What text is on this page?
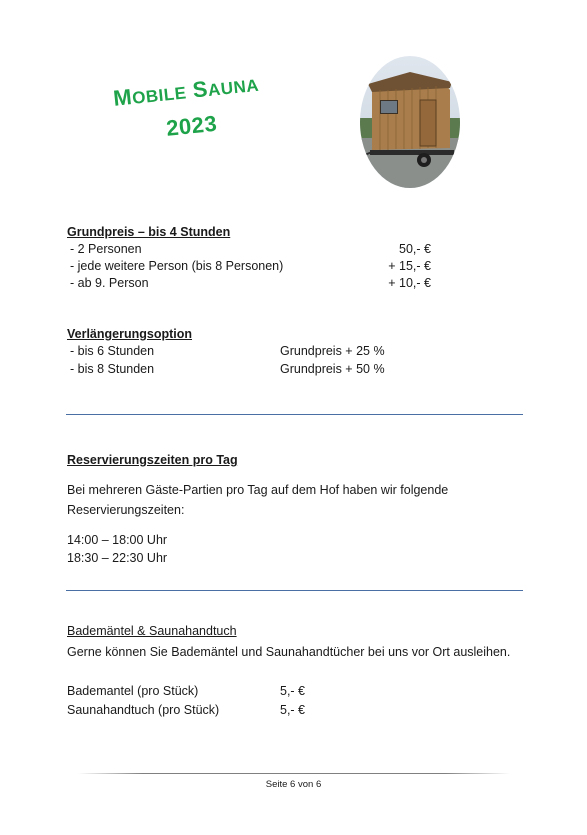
MOBILE SAUNA
2023
Grundpreis – bis 4 Stunden
- 2 Personen	50,- €
- jede weitere Person (bis 8 Personen)	+ 15,- €
- ab 9. Person	+ 10,- €
Verlängerungsoption
- bis 6 Stunden	Grundpreis + 25 %
- bis 8 Stunden	Grundpreis + 50 %
Reservierungszeiten pro Tag
Bei mehreren Gäste-Partien pro Tag auf dem Hof haben wir folgende
Reservierungszeiten:
14:00 – 18:00 Uhr
18:30 – 22:30 Uhr
Bademäntel & Saunahandtuch
Gerne können Sie Bademäntel und Saunahandtücher bei uns vor Ort ausleihen.
Bademantel (pro Stück)	5,- €
Saunahandtuch (pro Stück)	5,- €
Seite 6 von 6
